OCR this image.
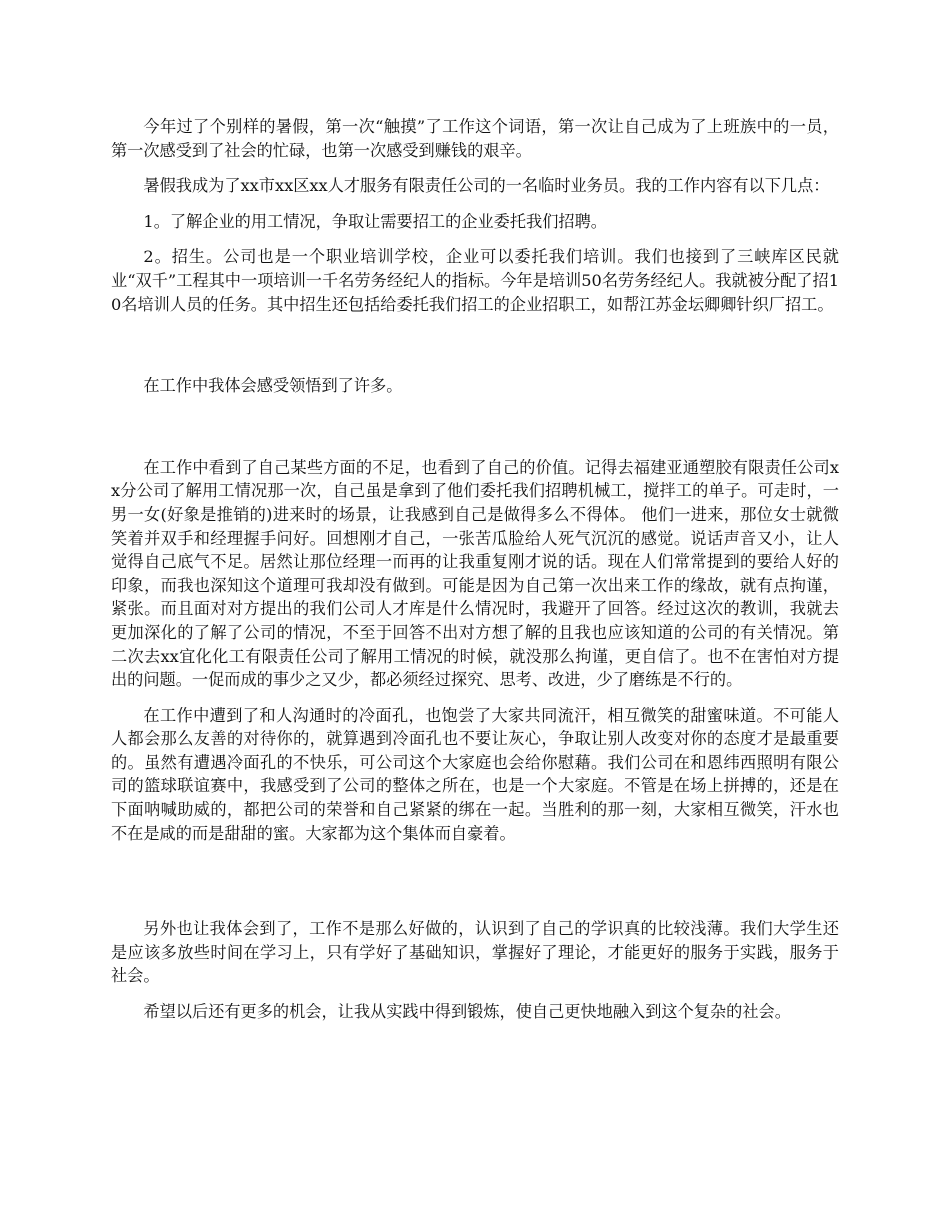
今年过了个别样的暑假，第一次“触摸”了工作这个词语，第一次让自己成为了上班族中的一员，第一次感受到了社会的忙碌，也第一次感受到赚钱的艰辛。

暑假我成为了xx市xx区xx人才服务有限责任公司的一名临时业务员。我的工作内容有以下几点：

1。了解企业的用工情况，争取让需要招工的企业委托我们招聘。

2。招生。公司也是一个职业培训学校，企业可以委托我们培训。我们也接到了三峡库区民就业“双千”工程其中一项培训一千名劳务经纪人的指标。今年是培训50名劳务经纪人。我就被分配了招10名培训人员的任务。其中招生还包括给委托我们招工的企业招职工，如帮江苏金坛卿卿针织厂招工。

在工作中我体会感受领悟到了许多。

在工作中看到了自己某些方面的不足，也看到了自己的价值。记得去福建亚通塑胶有限责任公司xx分公司了解用工情况那一次，自己虽是拿到了他们委托我们招聘机械工，搅拌工的单子。可走时，一男一女(好象是推销的)进来时的场景，让我感到自己是做得多么不得体。 他们一进来，那位女士就微笑着并双手和经理握手问好。回想刚才自己，一张苦瓜脸给人死气沉沉的感觉。说话声音又小，让人觉得自己底气不足。居然让那位经理一而再的让我重复刚才说的话。现在人们常常提到的要给人好的印象，而我也深知这个道理可我却没有做到。可能是因为自己第一次出来工作的缘故，就有点拘谨，紧张。而且面对对方提出的我们公司人才库是什么情况时，我避开了回答。经过这次的教训，我就去更加深化的了解了公司的情况，不至于回答不出对方想了解的且我也应该知道的公司的有关情况。第二次去xx宜化化工有限责任公司了解用工情况的时候，就没那么拘谨，更自信了。也不在害怕对方提出的问题。一促而成的事少之又少，都必须经过探究、思考、改进，少了磨练是不行的。

在工作中遭到了和人沟通时的冷面孔，也饱尝了大家共同流汗，相互微笑的甜蜜味道。不可能人人都会那么友善的对待你的，就算遇到冷面孔也不要让灰心，争取让别人改变对你的态度才是最重要的。虽然有遭遇冷面孔的不快乐，可公司这个大家庭也会给你慰藉。我们公司在和恩纬西照明有限公司的篮球联谊赛中，我感受到了公司的整体之所在，也是一个大家庭。不管是在场上拼搏的，还是在下面呐喊助威的，都把公司的荣誉和自己紧紧的绑在一起。当胜利的那一刻，大家相互微笑，汗水也不在是咸的而是甜甜的蜜。大家都为这个集体而自豪着。

另外也让我体会到了，工作不是那么好做的，认识到了自己的学识真的比较浅薄。我们大学生还是应该多放些时间在学习上，只有学好了基础知识，掌握好了理论，才能更好的服务于实践，服务于社会。

希望以后还有更多的机会，让我从实践中得到锻炼，使自己更快地融入到这个复杂的社会。
